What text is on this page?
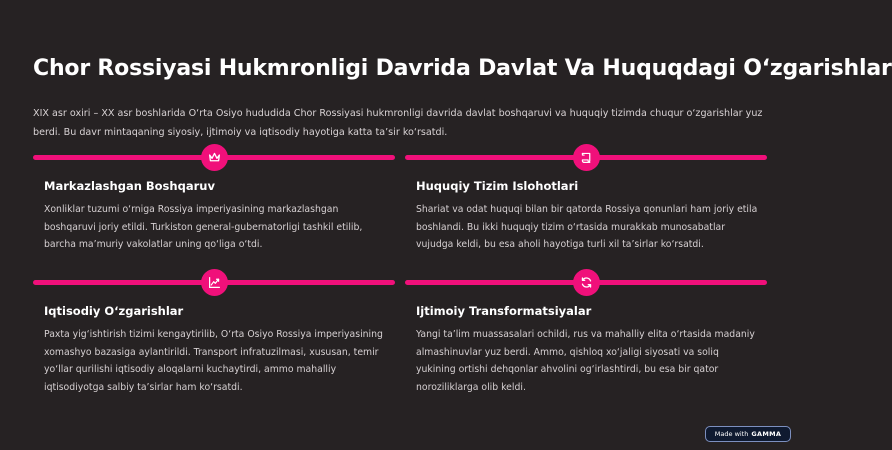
Chor Rossiyasi Hukmronligi Davrida Davlat Va Huquqdagi O‘zgarishlar

XIX asr oxiri – XX asr boshlarida O‘rta Osiyo hududida Chor Rossiyasi hukmronligi davrida davlat boshqaruvi va huquqiy tizimda chuqur o‘zgarishlar yuz berdi. Bu davr mintaqaning siyosiy, ijtimoiy va iqtisodiy hayotiga katta ta’sir ko‘rsatdi.

Markazlashgan Boshqaruv

Xonliklar tuzumi o‘rniga Rossiya imperiyasining markazlashgan boshqaruvi joriy etildi. Turkiston general-gubernatorligi tashkil etilib, barcha ma’muriy vakolatlar uning qo‘liga o‘tdi.

Huquqiy Tizim Islohotlari

Shariat va odat huquqi bilan bir qatorda Rossiya qonunlari ham joriy etila boshlandi. Bu ikki huquqiy tizim o‘rtasida murakkab munosabatlar vujudga keldi, bu esa aholi hayotiga turli xil ta’sirlar ko‘rsatdi.

Iqtisodiy O‘zgarishlar

Paxta yig‘ishtirish tizimi kengaytirilib, O‘rta Osiyo Rossiya imperiyasining xomashyo bazasiga aylantirildi. Transport infratuzilmasi, xususan, temir yo‘llar qurilishi iqtisodiy aloqalarni kuchaytirdi, ammo mahalliy iqtisodiyotga salbiy ta’sirlar ham ko‘rsatdi.

Ijtimoiy Transformatsiyalar

Yangi ta’lim muassasalari ochildi, rus va mahalliy elita o‘rtasida madaniy almashinuvlar yuz berdi. Ammo, qishloq xo‘jaligi siyosati va soliq yukining ortishi dehqonlar ahvolini og‘irlashtirdi, bu esa bir qator noroziliklarga olib keldi.

Made with GAMMA
